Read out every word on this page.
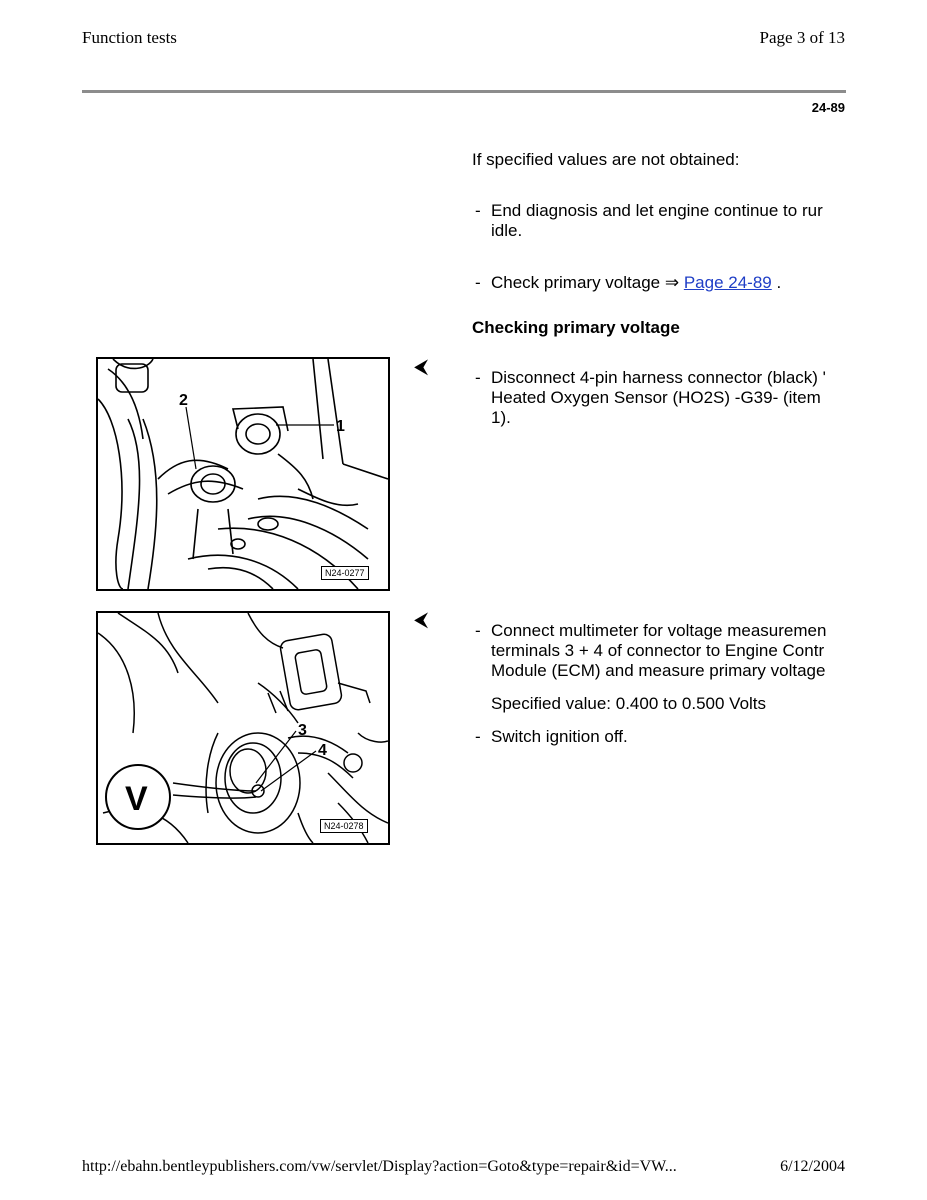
Function tests	Page 3 of 13
24-89
If specified values are not obtained:
- End diagnosis and let engine continue to rur
idle.
- Check primary voltage ⇒ Page 24-89 .
Checking primary voltage
⮜	- Disconnect 4-pin harness connector (black) '
Heated Oxygen Sensor (HO2S) -G39- (item
1).
⮜	- Connect multimeter for voltage measuremen
terminals 3 + 4 of connector to Engine Contr
Module (ECM) and measure primary voltage
Specified value: 0.400 to 0.500 Volts
- Switch ignition off.
1
2
N24-0277
V
3
4
N24-0278
http://ebahn.bentleypublishers.com/vw/servlet/Display?action=Goto&type=repair&id=VW...	6/12/2004
